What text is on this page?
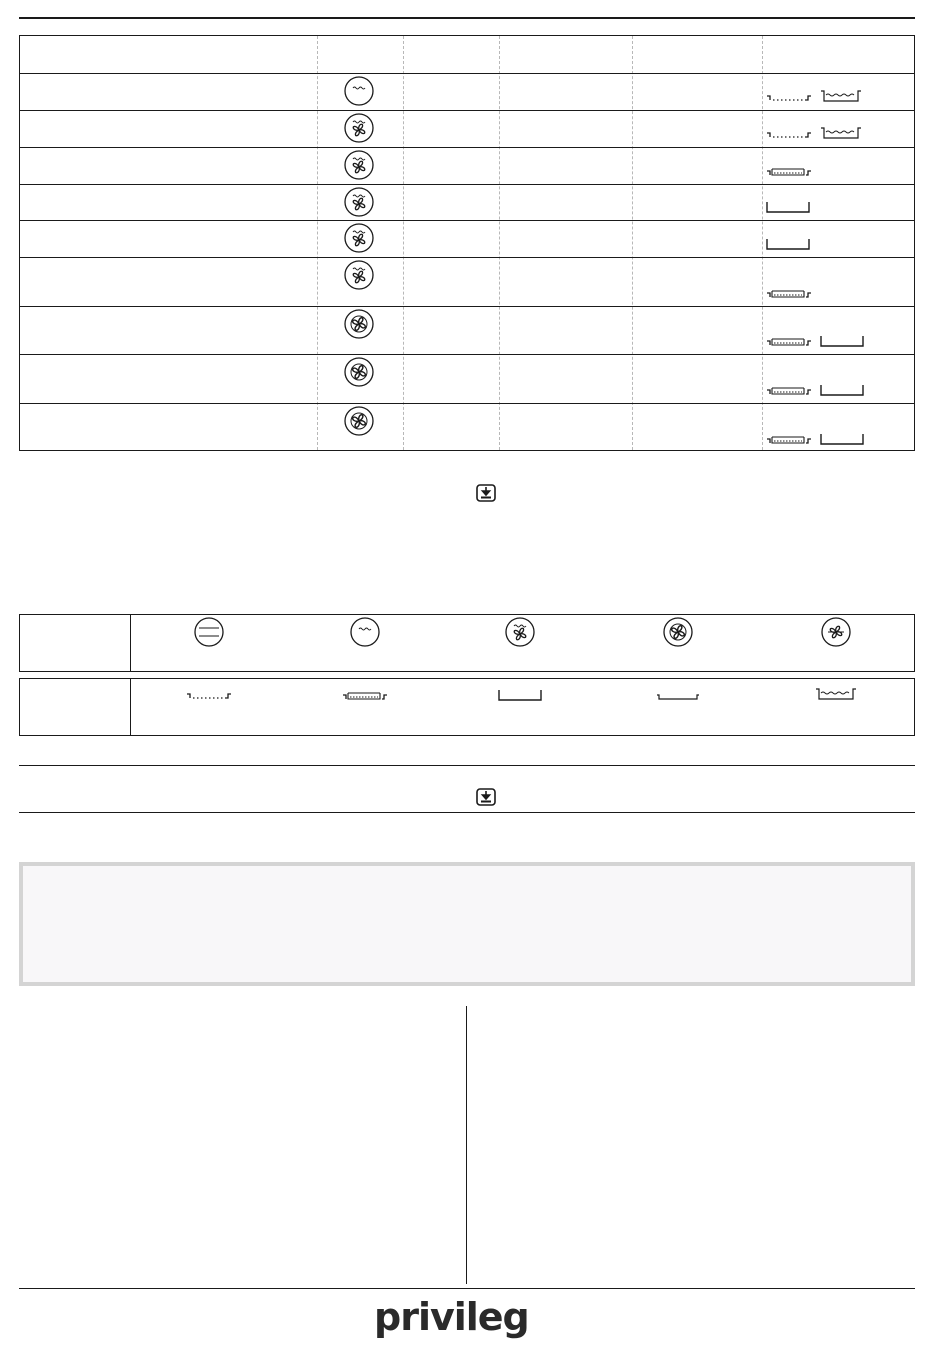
privileg
